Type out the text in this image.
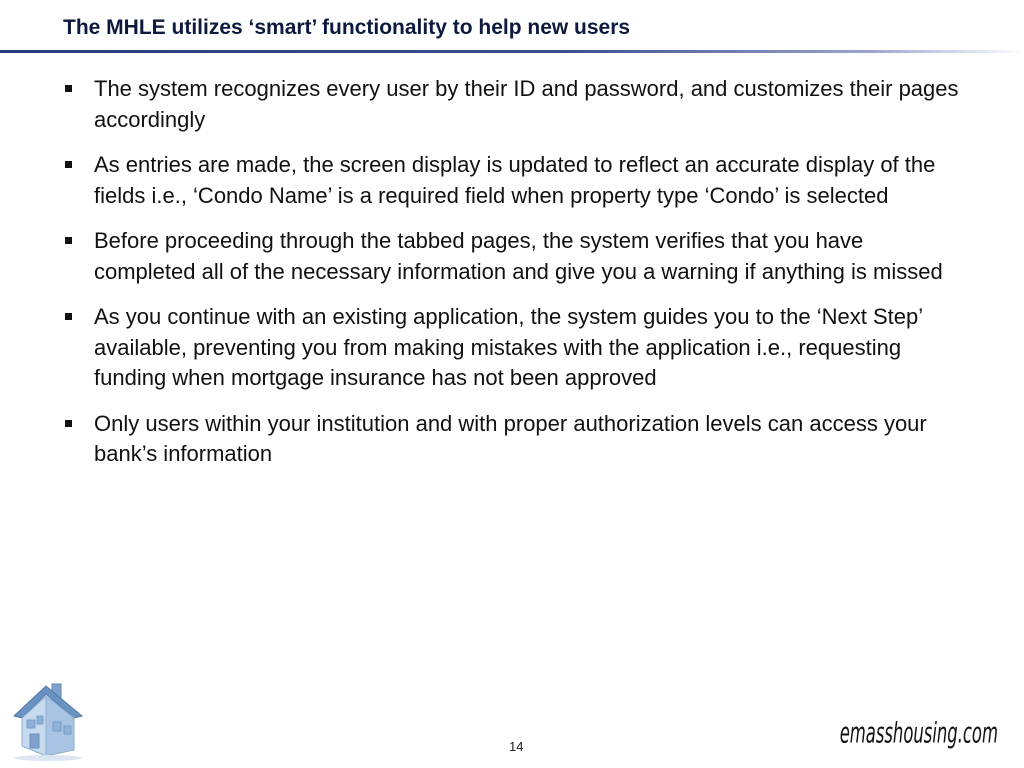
The MHLE utilizes ‘smart’ functionality to help new users
The system recognizes every user by their ID and password, and customizes their pages accordingly
As entries are made, the screen display is updated to reflect an accurate display of the fields i.e., ‘Condo Name’ is a required field when property type ‘Condo’ is selected
Before proceeding through the tabbed pages, the system verifies that you have completed all of the necessary information and give you a warning if anything is missed
As you continue with an existing application, the system guides you to the ‘Next Step’ available, preventing you from making mistakes with the application i.e., requesting funding when mortgage insurance has not been approved
Only users within your institution and with proper authorization levels can access your bank’s information
emasshousing.com
14
